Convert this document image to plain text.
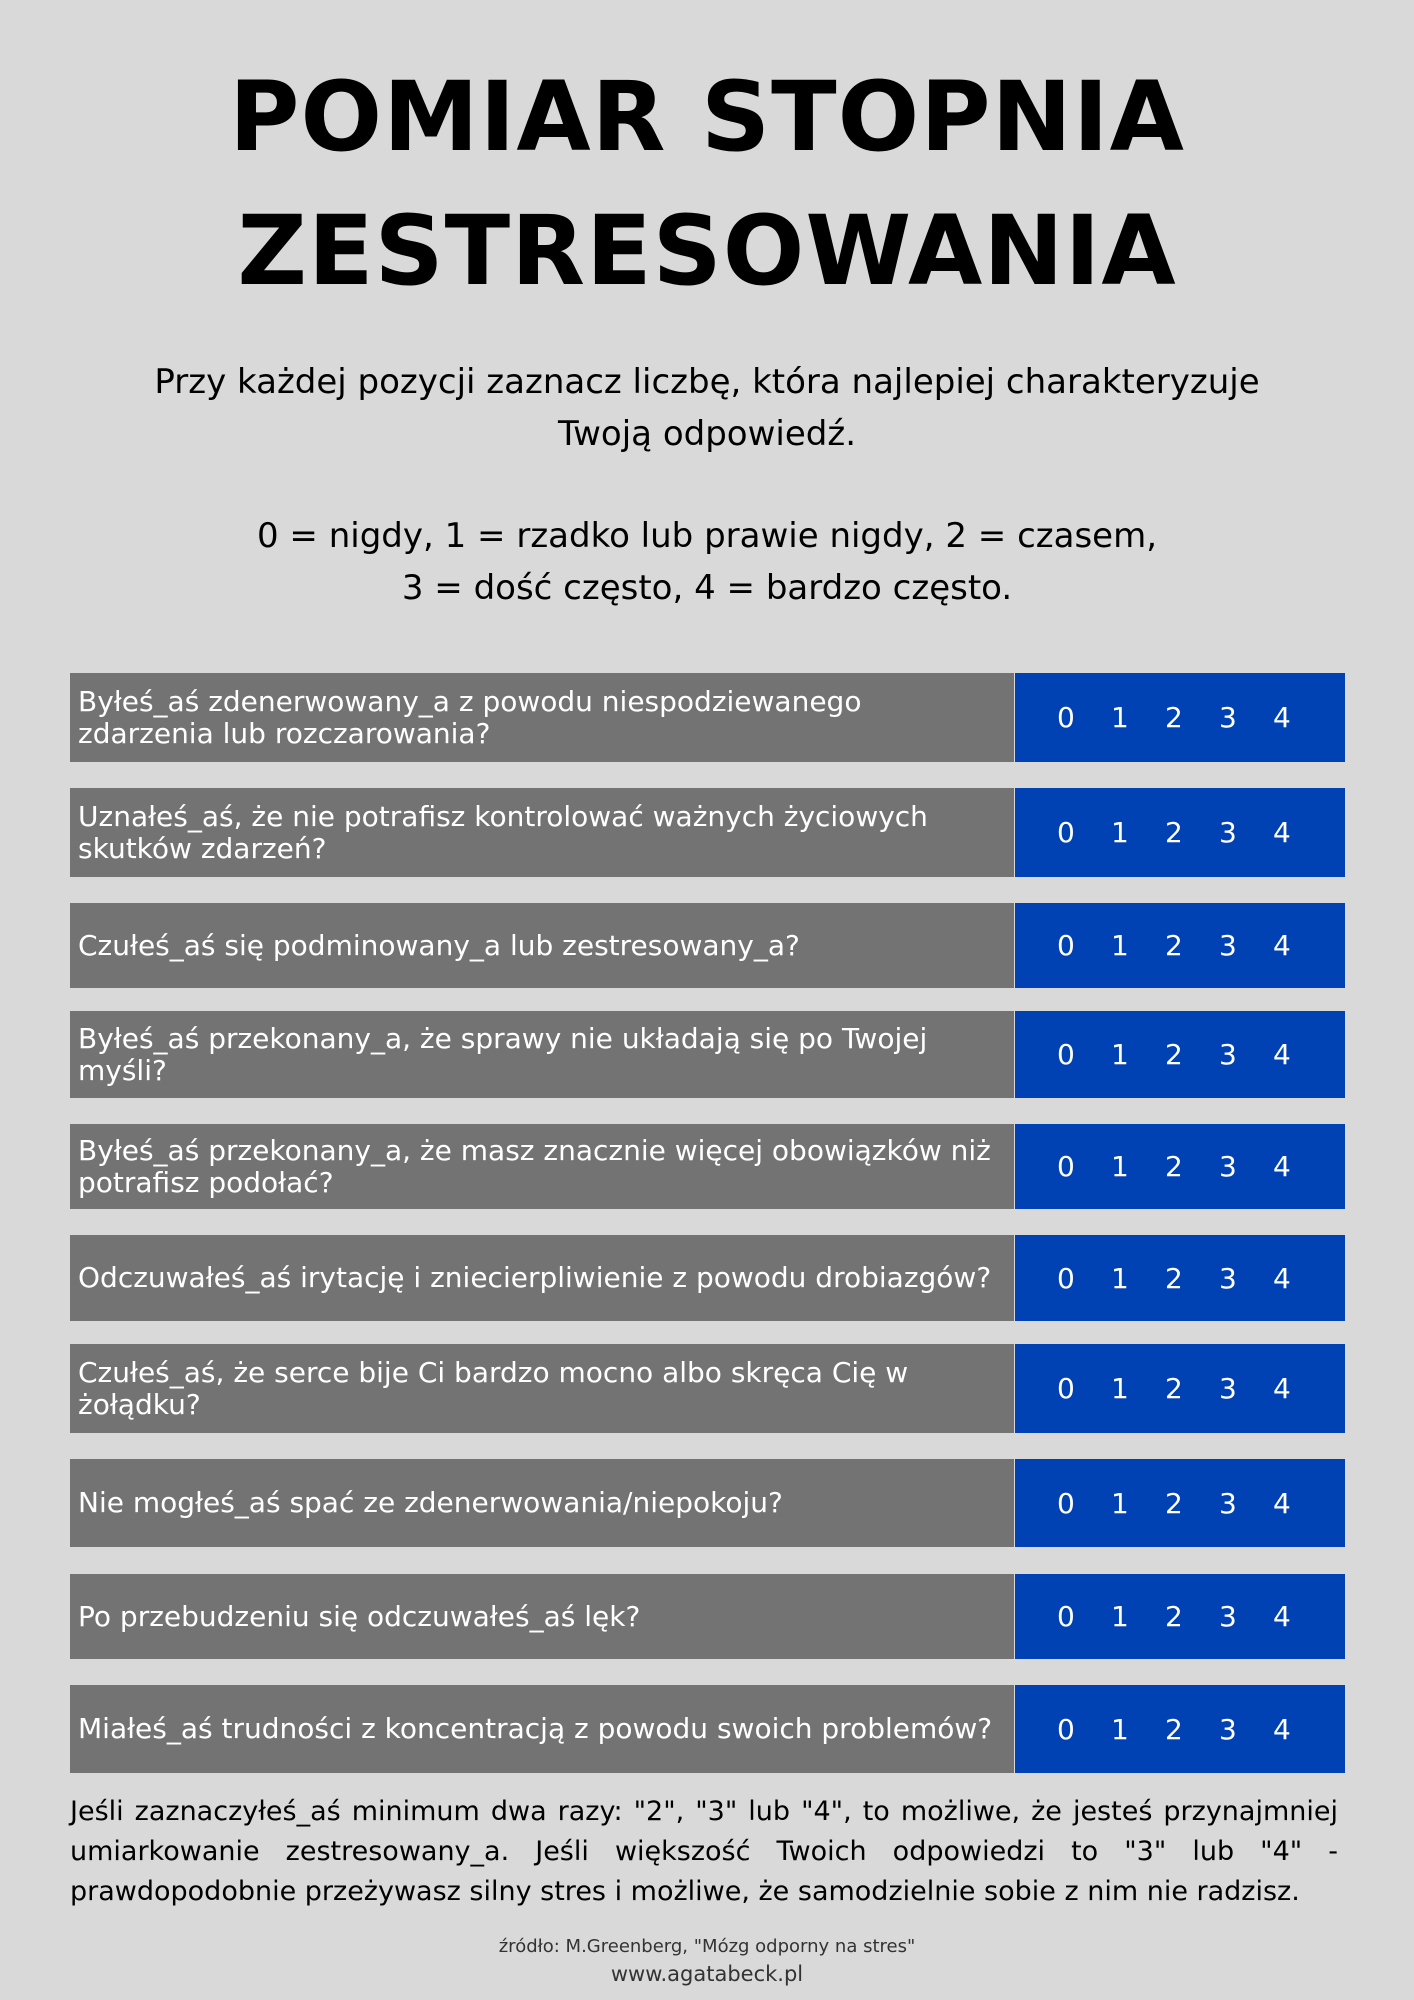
POMIAR STOPNIA
ZESTRESOWANIA

Przy każdej pozycji zaznacz liczbę, która najlepiej charakteryzuje Twoją odpowiedź.

0 = nigdy, 1 = rzadko lub prawie nigdy, 2 = czasem,
3 = dość często, 4 = bardzo często.

Byłeś_aś zdenerwowany_a z powodu niespodziewanego zdarzenia lub rozczarowania?	0	1	2	3	4
Uznałeś_aś, że nie potrafisz kontrolować ważnych życiowych skutków zdarzeń?	0	1	2	3	4
Czułeś_aś się podminowany_a lub zestresowany_a?	0	1	2	3	4
Byłeś_aś przekonany_a, że sprawy nie układają się po Twojej myśli?	0	1	2	3	4
Byłeś_aś przekonany_a, że masz znacznie więcej obowiązków niż potrafisz podołać?	0	1	2	3	4
Odczuwałeś_aś irytację i zniecierpliwienie z powodu drobiazgów?	0	1	2	3	4
Czułeś_aś, że serce bije Ci bardzo mocno albo skręca Cię w żołądku?	0	1	2	3	4
Nie mogłeś_aś spać ze zdenerwowania/niepokoju?	0	1	2	3	4
Po przebudzeniu się odczuwałeś_aś lęk?	0	1	2	3	4
Miałeś_aś trudności z koncentracją z powodu swoich problemów?	0	1	2	3	4

Jeśli zaznaczyłeś_aś minimum dwa razy: "2", "3" lub "4", to możliwe, że jesteś przynajmniej umiarkowanie zestresowany_a. Jeśli większość Twoich odpowiedzi to "3" lub "4" - prawdopodobnie przeżywasz silny stres i możliwe, że samodzielnie sobie z nim nie radzisz.

źródło: M.Greenberg, "Mózg odporny na stres"

www.agatabeck.pl
